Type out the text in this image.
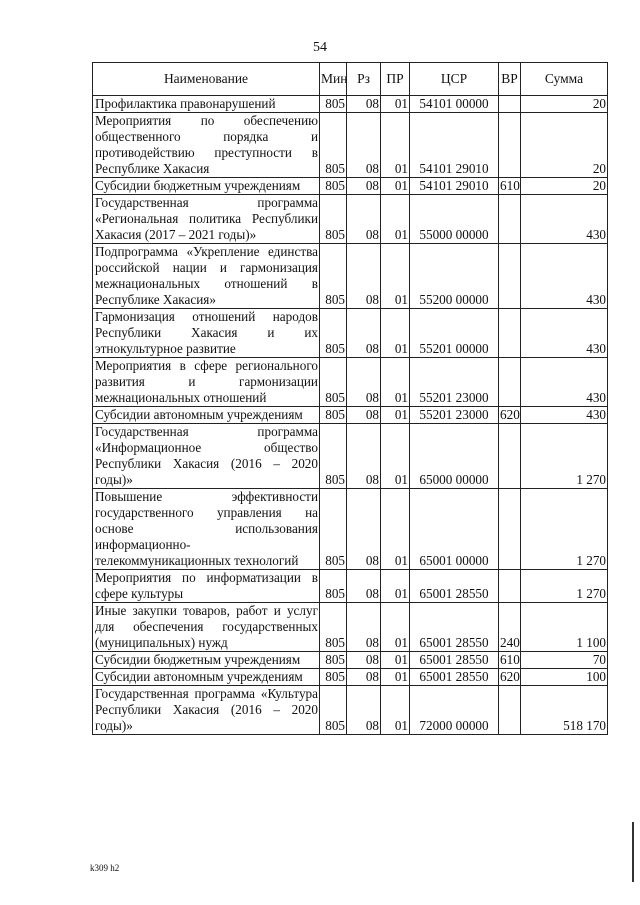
54
Наименование	Мин	Рз	ПР	ЦСР	ВР	Сумма
Профилактика правонарушений	805	08	01	54101 00000		20
Мероприятия по обеспечению общественного порядка и противодействию преступности в Республике Хакасия	805	08	01	54101 29010		20
Субсидии бюджетным учреждениям	805	08	01	54101 29010	610	20
Государственная программа «Региональная политика Республики Хакасия (2017 – 2021 годы)»	805	08	01	55000 00000		430
Подпрограмма «Укрепление единства российской нации и гармонизация межнациональных отношений в Республике Хакасия»	805	08	01	55200 00000		430
Гармонизация отношений народов Республики Хакасия и их этнокультурное развитие	805	08	01	55201 00000		430
Мероприятия в сфере регионального развития и гармонизации межнациональных отношений	805	08	01	55201 23000		430
Субсидии автономным учреждениям	805	08	01	55201 23000	620	430
Государственная программа «Информационное общество Республики Хакасия (2016 – 2020 годы)»	805	08	01	65000 00000		1 270
Повышение эффективности государственного управления на основе использования информационно-телекоммуникационных технологий	805	08	01	65001 00000		1 270
Мероприятия по информатизации в сфере культуры	805	08	01	65001 28550		1 270
Иные закупки товаров, работ и услуг для обеспечения государственных (муниципальных) нужд	805	08	01	65001 28550	240	1 100
Субсидии бюджетным учреждениям	805	08	01	65001 28550	610	70
Субсидии автономным учреждениям	805	08	01	65001 28550	620	100
Государственная программа «Культура Республики Хакасия (2016 – 2020 годы)»	805	08	01	72000 00000		518 170
k309 h2
